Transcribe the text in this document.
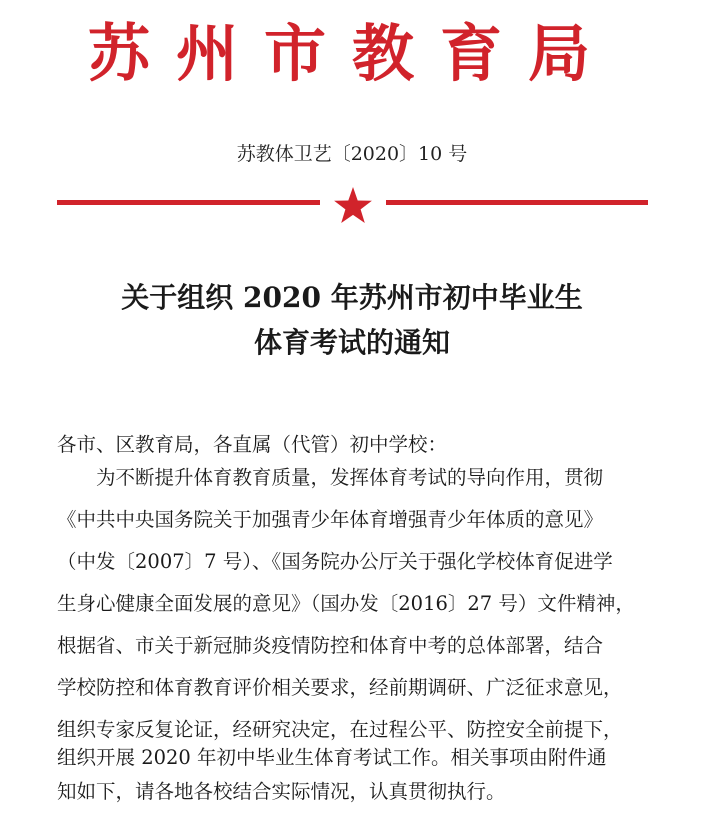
苏州市教育局
苏教体卫艺〔2020〕10 号
关于组织 2020 年苏州市初中毕业生
体育考试的通知
各市、区教育局，各直属（代管）初中学校：
　　为不断提升体育教育质量，发挥体育考试的导向作用，贯彻
《中共中央国务院关于加强青少年体育增强青少年体质的意见》
（中发〔2007〕7 号）、《国务院办公厅关于强化学校体育促进学
生身心健康全面发展的意见》（国办发〔2016〕27 号）文件精神，
根据省、市关于新冠肺炎疫情防控和体育中考的总体部署，结合
学校防控和体育教育评价相关要求，经前期调研、广泛征求意见，
组织专家反复论证，经研究决定，在过程公平、防控安全前提下，
组织开展 2020 年初中毕业生体育考试工作。相关事项由附件通
知如下，请各地各校结合实际情况，认真贯彻执行。
